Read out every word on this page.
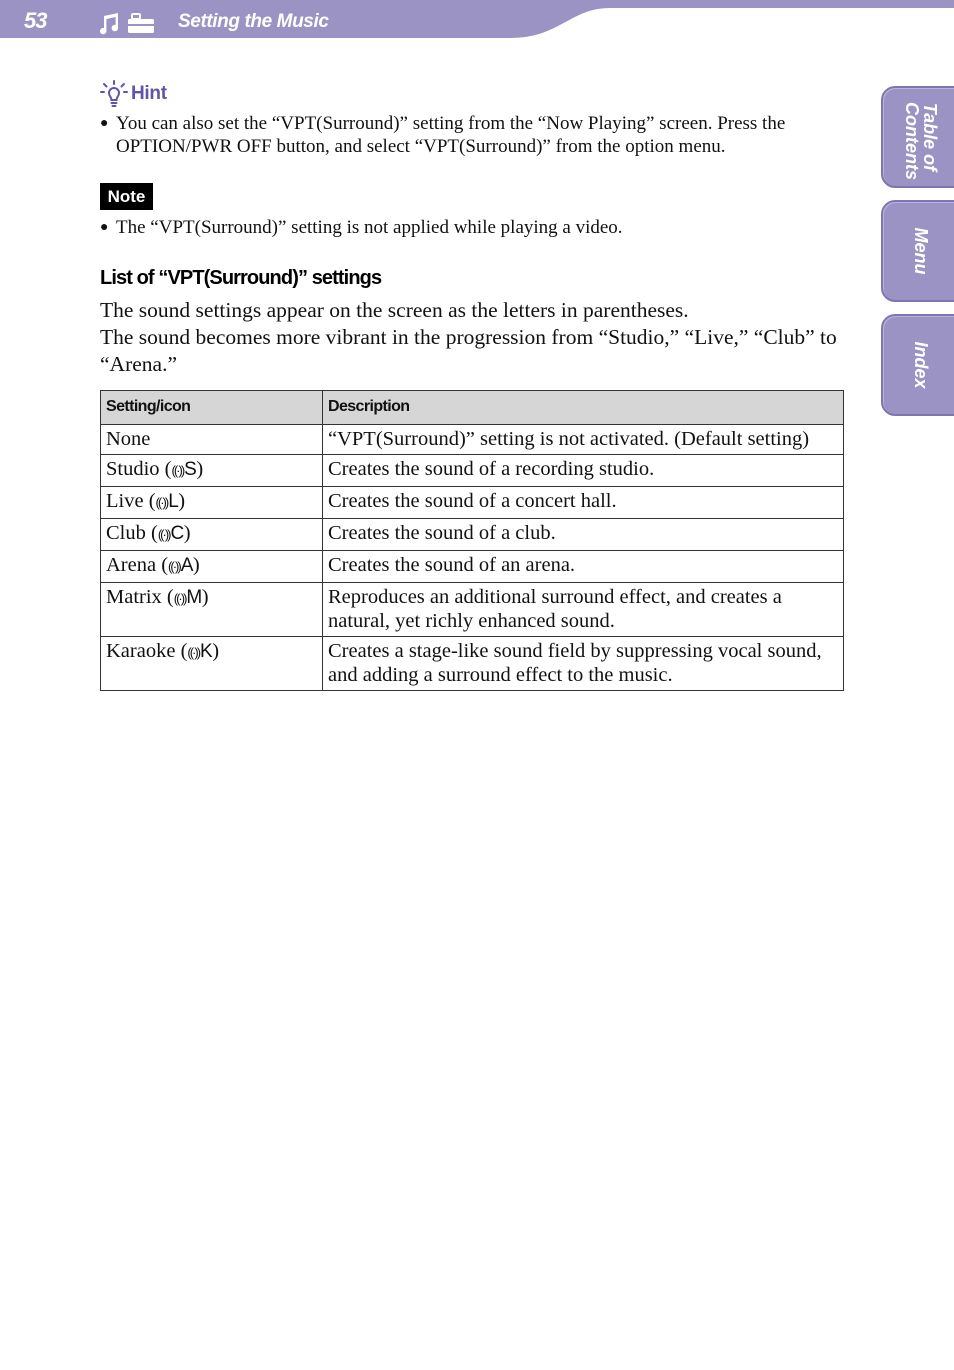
53	Setting the Music
Table of Contents
Menu
Index
Hint
● You can also set the “VPT(Surround)” setting from the “Now Playing” screen. Press the OPTION/PWR OFF button, and select “VPT(Surround)” from the option menu.
Note
● The “VPT(Surround)” setting is not applied while playing a video.
List of “VPT(Surround)” settings
The sound settings appear on the screen as the letters in parentheses.
The sound becomes more vibrant in the progression from “Studio,” “Live,” “Club” to “Arena.”
Setting/icon	Description
None	“VPT(Surround)” setting is not activated. (Default setting)
Studio (((·))S)	Creates the sound of a recording studio.
Live (((·))L)	Creates the sound of a concert hall.
Club (((·))C)	Creates the sound of a club.
Arena (((·))A)	Creates the sound of an arena.
Matrix (((·))M)	Reproduces an additional surround effect, and creates a natural, yet richly enhanced sound.
Karaoke (((·))K)	Creates a stage-like sound field by suppressing vocal sound, and adding a surround effect to the music.
